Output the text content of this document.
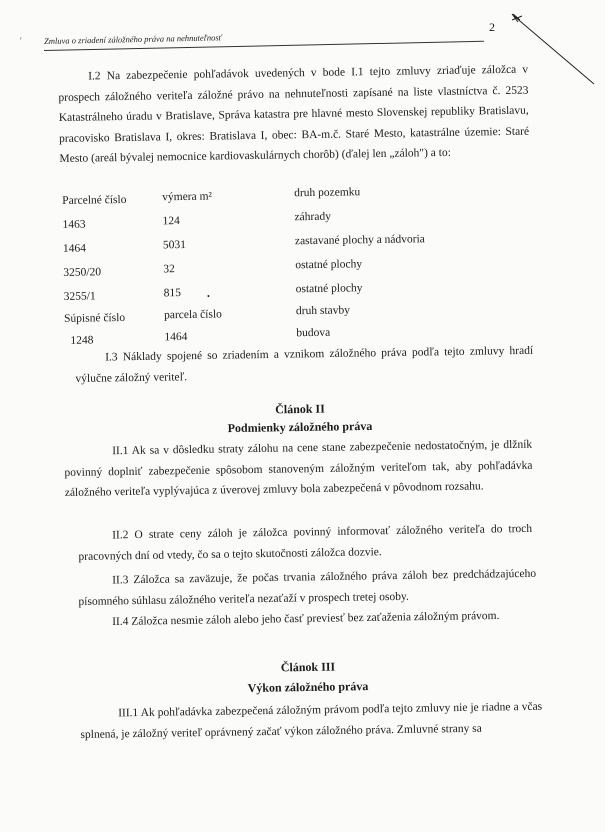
'	Zmluva o zriadení záložného práva na nehnuteľnosť
2
I.2 Na zabezpečenie pohľadávok uvedených v bode I.1 tejto zmluvy zriaďuje záložca v prospech záložného veriteľa záložné právo na nehnuteľnosti zapísané na liste vlastníctva č. 2523 Katastrálneho úradu v Bratislave, Správa katastra pre hlavné mesto Slovenskej republiky Bratislavu, pracovisko Bratislava I, okres: Bratislava I, obec: BA-m.č. Staré Mesto, katastrálne územie: Staré Mesto (areál bývalej nemocnice kardiovaskulárnych chorôb) (ďalej len „záloh") a to:
Parcelné číslo	výmera m²	druh pozemku
1463	124	záhrady
1464	5031	zastavané plochy a nádvoria
3250/20	32	ostatné plochy
3255/1	815	ostatné plochy
Súpisné číslo	parcela číslo	druh stavby
1248	1464	budova
•
I.3 Náklady spojené so zriadením a vznikom záložného práva podľa tejto zmluvy hradí výlučne záložný veriteľ.
Článok II
Podmienky záložného práva
II.1 Ak sa v dôsledku straty zálohu na cene stane zabezpečenie nedostatočným, je dlžník povinný doplniť zabezpečenie spôsobom stanoveným záložným veriteľom tak, aby pohľadávka záložného veriteľa vyplývajúca z úverovej zmluvy bola zabezpečená v pôvodnom rozsahu.
II.2 O strate ceny záloh je záložca povinný informovať záložného veriteľa do troch pracovných dní od vtedy, čo sa o tejto skutočnosti záložca dozvie.
II.3 Záložca sa zaväzuje, že počas trvania záložného práva záloh bez predchádzajúceho písomného súhlasu záložného veriteľa nezaťaží v prospech tretej osoby.
II.4 Záložca nesmie záloh alebo jeho časť previesť bez zaťaženia záložným právom.
Článok III
Výkon záložného práva
III.1 Ak pohľadávka zabezpečená záložným právom podľa tejto zmluvy nie je riadne a včas splnená, je záložný veriteľ oprávnený začať výkon záložného práva. Zmluvné strany sa
